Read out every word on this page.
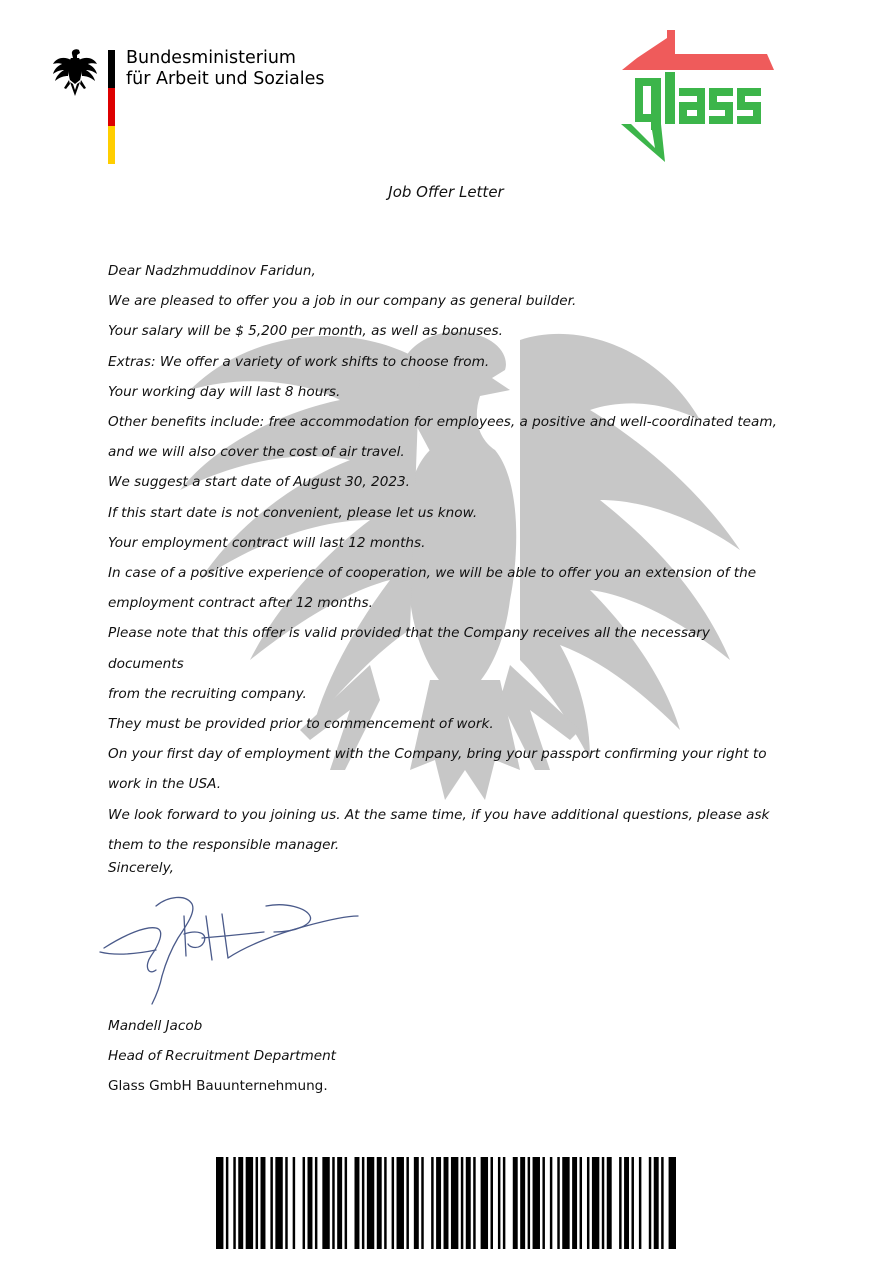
Bundesministerium
für Arbeit und Soziales
Job Offer Letter

Dear Nadzhmuddinov Faridun,

We are pleased to offer you a job in our company as general builder.

Your salary will be $ 5,200 per month, as well as bonuses.

Extras: We offer a variety of work shifts to choose from.

Your working day will last 8 hours.

Other benefits include: free accommodation for employees, a positive and well-coordinated team,

and we will also cover the cost of air travel.

We suggest a start date of August 30, 2023.

If this start date is not convenient, please let us know.

Your employment contract will last 12 months.

In case of a positive experience of cooperation, we will be able to offer you an extension of the

employment contract after 12 months.

Please note that this offer is valid provided that the Company receives all the necessary documents

from the recruiting company.

They must be provided prior to commencement of work.

On your first day of employment with the Company, bring your passport confirming your right to

work in the USA.

We look forward to you joining us. At the same time, if you have additional questions, please ask

them to the responsible manager.

Sincerely,
Mandell Jacob
Head of Recruitment Department
Glass GmbH Bauunternehmung.
